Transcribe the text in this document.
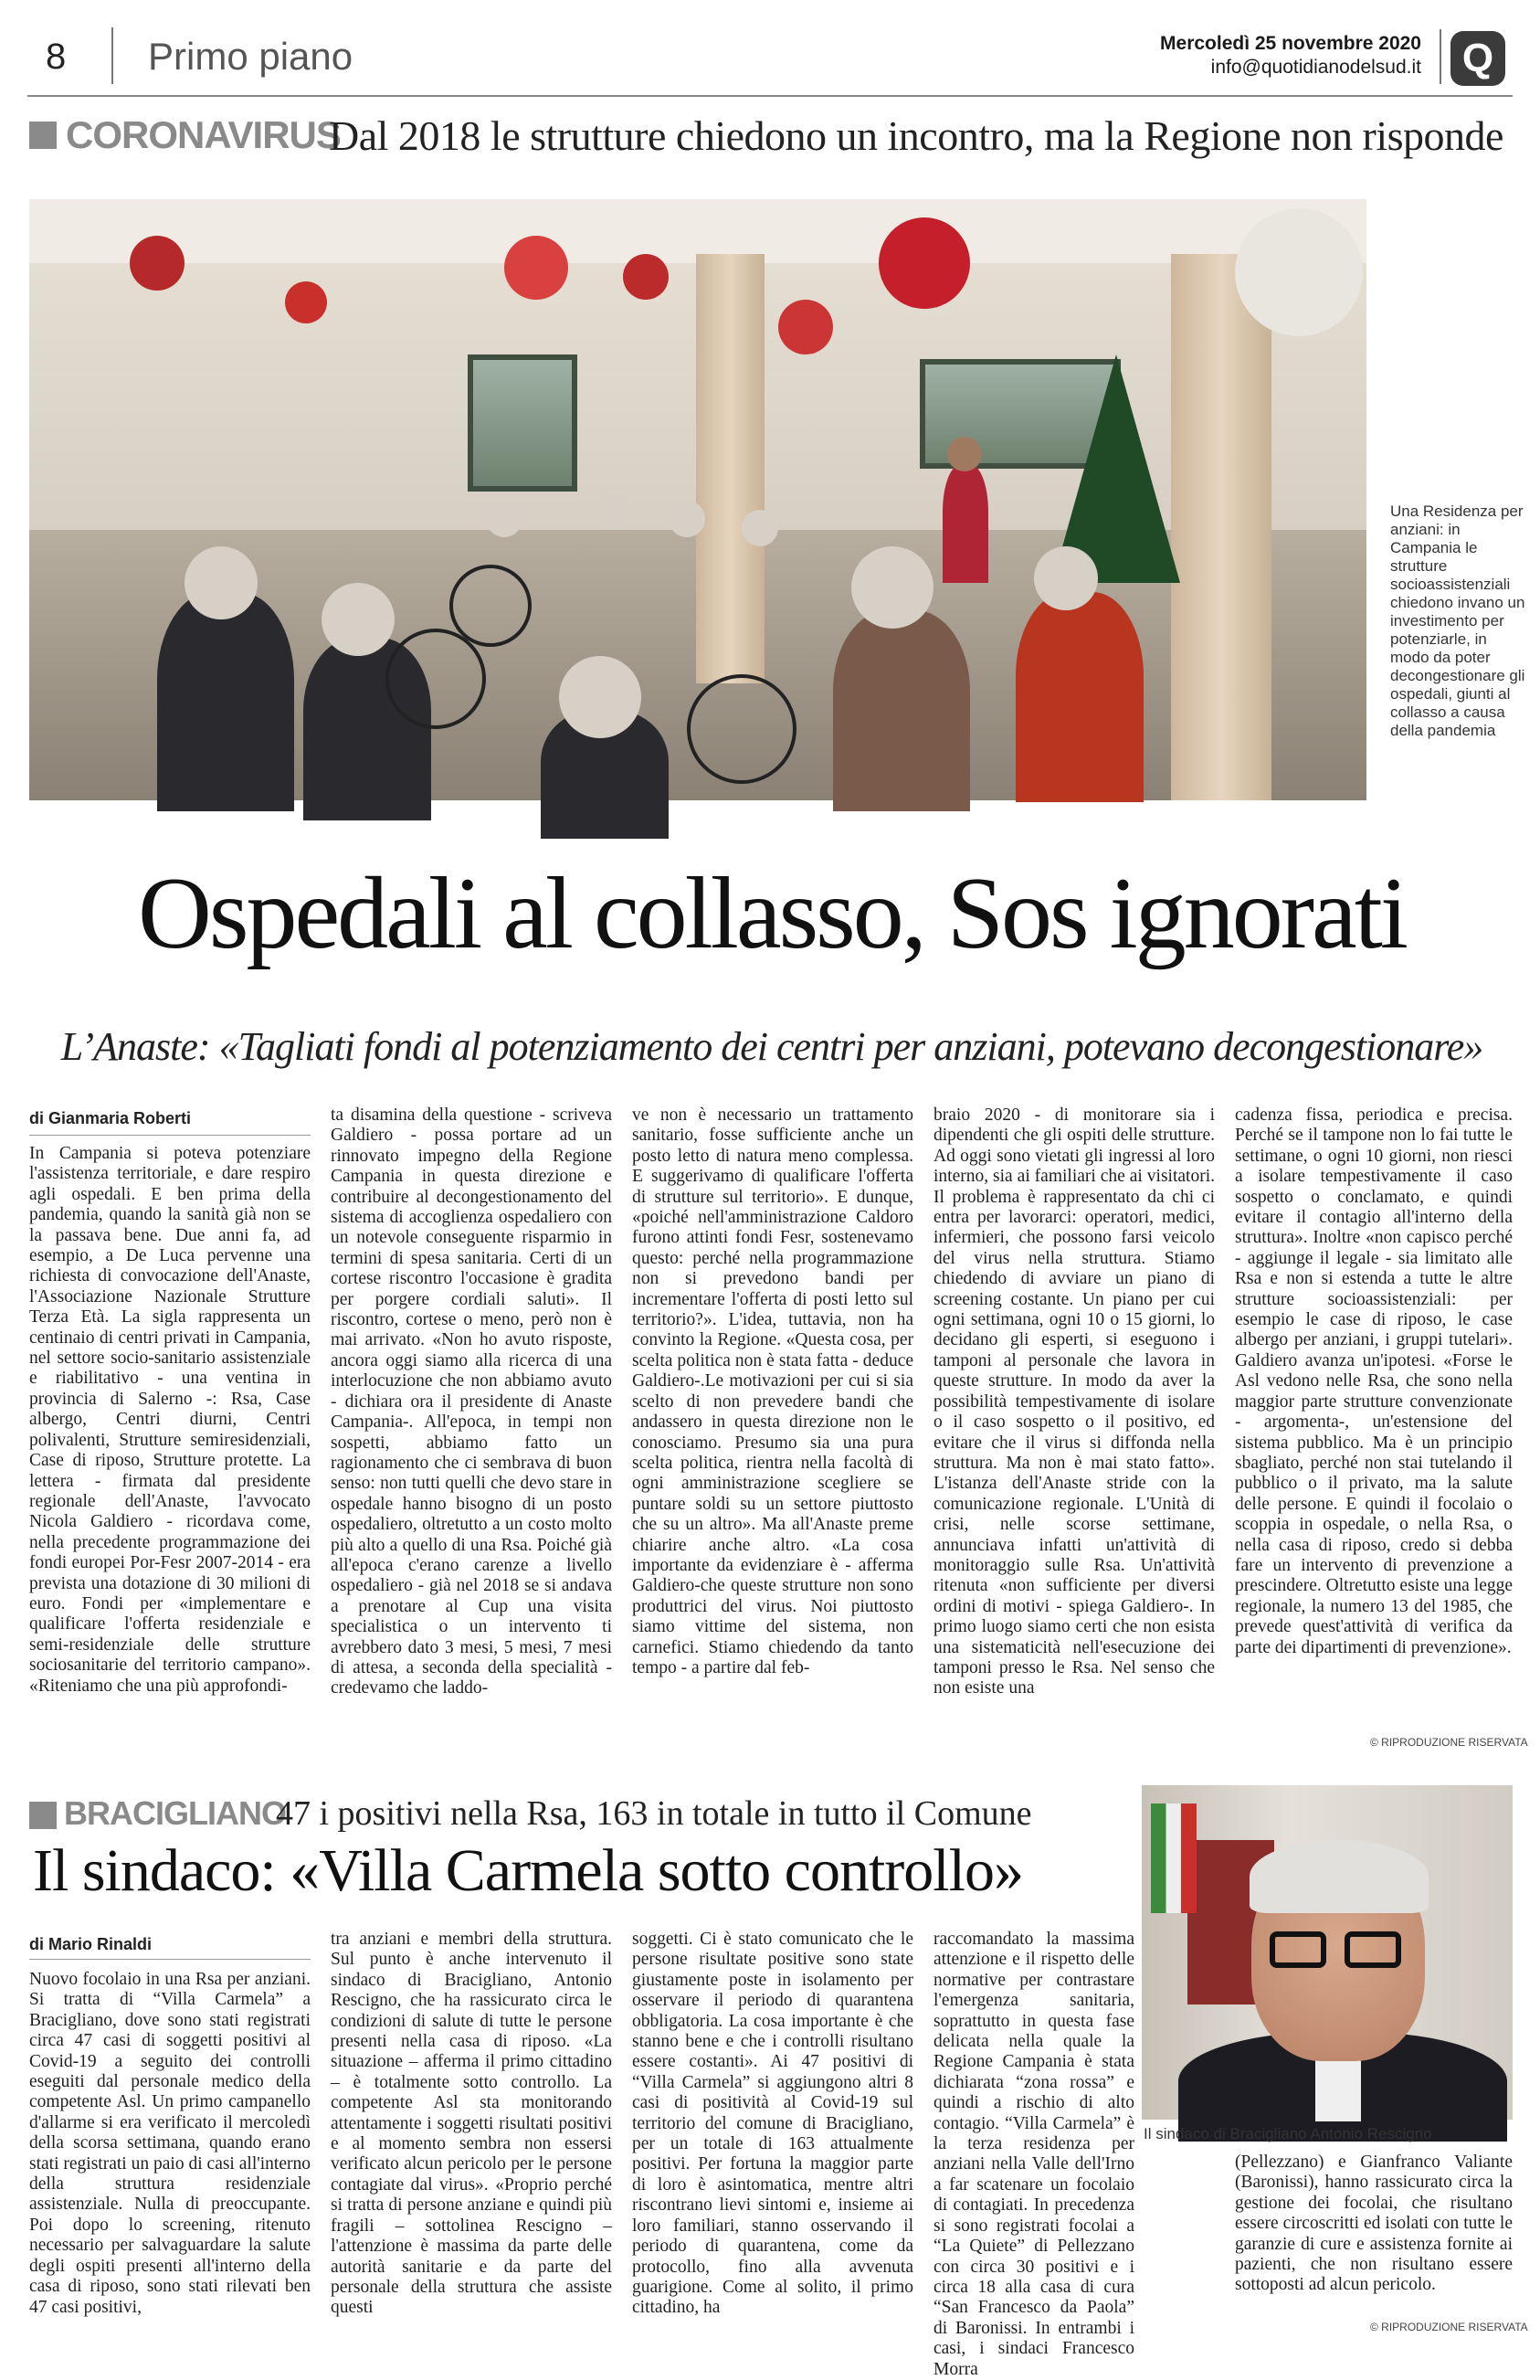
8 Primo piano	Mercoledì 25 novembre 2020
info@quotidianodelsud.it Q
CORONAVIRUS
Dal 2018 le strutture chiedono un incontro, ma la Regione non risponde
Una Residenza per anziani: in Campania le strutture socioassistenziali chiedono invano un investimento per potenziarle, in modo da poter decongestionare gli ospedali, giunti al collasso a causa della pandemia
Ospedali al collasso, Sos ignorati
L’Anaste: «Tagliati fondi al potenziamento dei centri per anziani, potevano decongestionare»
di Gianmaria Roberti
In Campania si poteva potenziare l'assistenza territoriale, e dare respiro agli ospedali. E ben prima della pandemia, quando la sanità già non se la passava bene. Due anni fa, ad esempio, a De Luca pervenne una richiesta di convocazione dell'Anaste, l'Associazione Nazionale Strutture Terza Età. La sigla rappresenta un centinaio di centri privati in Campania, nel settore socio-sanitario assistenziale e riabilitativo - una ventina in provincia di Salerno -: Rsa, Case albergo, Centri diurni, Centri polivalenti, Strutture semiresidenziali, Case di riposo, Strutture protette. La lettera - firmata dal presidente regionale dell'Anaste, l'avvocato Nicola Galdiero - ricordava come, nella precedente programmazione dei fondi europei Por-Fesr 2007-2014 - era prevista una dotazione di 30 milioni di euro. Fondi per «implementare e qualificare l'offerta residenziale e semi-residenziale delle strutture sociosanitarie del territorio campano». «Riteniamo che una più approfondi-
ta disamina della questione - scriveva Galdiero - possa portare ad un rinnovato impegno della Regione Campania in questa direzione e contribuire al decongestionamento del sistema di accoglienza ospedaliero con un notevole conseguente risparmio in termini di spesa sanitaria. Certi di un cortese riscontro l'occasione è gradita per porgere cordiali saluti». Il riscontro, cortese o meno, però non è mai arrivato. «Non ho avuto risposte, ancora oggi siamo alla ricerca di una interlocuzione che non abbiamo avuto - dichiara ora il presidente di Anaste Campania-. All'epoca, in tempi non sospetti, abbiamo fatto un ragionamento che ci sembrava di buon senso: non tutti quelli che devo stare in ospedale hanno bisogno di un posto ospedaliero, oltretutto a un costo molto più alto a quello di una Rsa. Poiché già all'epoca c'erano carenze a livello ospedaliero - già nel 2018 se si andava a prenotare al Cup una visita specialistica o un intervento ti avrebbero dato 3 mesi, 5 mesi, 7 mesi di attesa, a seconda della specialità - credevamo che laddo-
ve non è necessario un trattamento sanitario, fosse sufficiente anche un posto letto di natura meno complessa. E suggerivamo di qualificare l'offerta di strutture sul territorio». E dunque, «poiché nell'amministrazione Caldoro furono attinti fondi Fesr, sostenevamo questo: perché nella programmazione non si prevedono bandi per incrementare l'offerta di posti letto sul territorio?». L'idea, tuttavia, non ha convinto la Regione. «Questa cosa, per scelta politica non è stata fatta - deduce Galdiero-.Le motivazioni per cui si sia scelto di non prevedere bandi che andassero in questa direzione non le conosciamo. Presumo sia una pura scelta politica, rientra nella facoltà di ogni amministrazione scegliere se puntare soldi su un settore piuttosto che su un altro». Ma all'Anaste preme chiarire anche altro. «La cosa importante da evidenziare è - afferma Galdiero-che queste strutture non sono produttrici del virus. Noi piuttosto siamo vittime del sistema, non carnefici. Stiamo chiedendo da tanto tempo - a partire dal feb-
braio 2020 - di monitorare sia i dipendenti che gli ospiti delle strutture. Ad oggi sono vietati gli ingressi al loro interno, sia ai familiari che ai visitatori. Il problema è rappresentato da chi ci entra per lavorarci: operatori, medici, infermieri, che possono farsi veicolo del virus nella struttura. Stiamo chiedendo di avviare un piano di screening costante. Un piano per cui ogni settimana, ogni 10 o 15 giorni, lo decidano gli esperti, si eseguono i tamponi al personale che lavora in queste strutture. In modo da aver la possibilità tempestivamente di isolare o il caso sospetto o il positivo, ed evitare che il virus si diffonda nella struttura. Ma non è mai stato fatto». L'istanza dell'Anaste stride con la comunicazione regionale. L'Unità di crisi, nelle scorse settimane, annunciava infatti un'attività di monitoraggio sulle Rsa. Un'attività ritenuta «non sufficiente per diversi ordini di motivi - spiega Galdiero-. In primo luogo siamo certi che non esista una sistematicità nell'esecuzione dei tamponi presso le Rsa. Nel senso che non esiste una
cadenza fissa, periodica e precisa. Perché se il tampone non lo fai tutte le settimane, o ogni 10 giorni, non riesci a isolare tempestivamente il caso sospetto o conclamato, e quindi evitare il contagio all'interno della struttura». Inoltre «non capisco perché - aggiunge il legale - sia limitato alle Rsa e non si estenda a tutte le altre strutture socioassistenziali: per esempio le case di riposo, le case albergo per anziani, i gruppi tutelari». Galdiero avanza un'ipotesi. «Forse le Asl vedono nelle Rsa, che sono nella maggior parte strutture convenzionate - argomenta-, un'estensione del sistema pubblico. Ma è un principio sbagliato, perché non stai tutelando il pubblico o il privato, ma la salute delle persone. E quindi il focolaio o scoppia in ospedale, o nella Rsa, o nella casa di riposo, credo si debba fare un intervento di prevenzione a prescindere. Oltretutto esiste una legge regionale, la numero 13 del 1985, che prevede quest'attività di verifica da parte dei dipartimenti di prevenzione».
© RIPRODUZIONE RISERVATA
BRACIGLIANO
47 i positivi nella Rsa, 163 in totale in tutto il Comune
Il sindaco: «Villa Carmela sotto controllo»
Il sindaco di Bracigliano Antonio Rescigno
di Mario Rinaldi
Nuovo focolaio in una Rsa per anziani. Si tratta di “Villa Carmela” a Bracigliano, dove sono stati registrati circa 47 casi di soggetti positivi al Covid-19 a seguito dei controlli eseguiti dal personale medico della competente Asl. Un primo campanello d'allarme si era verificato il mercoledì della scorsa settimana, quando erano stati registrati un paio di casi all'interno della struttura residenziale assistenziale. Nulla di preoccupante. Poi dopo lo screening, ritenuto necessario per salvaguardare la salute degli ospiti presenti all'interno della casa di riposo, sono stati rilevati ben 47 casi positivi,
tra anziani e membri della struttura. Sul punto è anche intervenuto il sindaco di Bracigliano, Antonio Rescigno, che ha rassicurato circa le condizioni di salute di tutte le persone presenti nella casa di riposo. «La situazione – afferma il primo cittadino – è totalmente sotto controllo. La competente Asl sta monitorando attentamente i soggetti risultati positivi e al momento sembra non essersi verificato alcun pericolo per le persone contagiate dal virus». «Proprio perché si tratta di persone anziane e quindi più fragili – sottolinea Rescigno – l'attenzione è massima da parte delle autorità sanitarie e da parte del personale della struttura che assiste questi
soggetti. Ci è stato comunicato che le persone risultate positive sono state giustamente poste in isolamento per osservare il periodo di quarantena obbligatoria. La cosa importante è che stanno bene e che i controlli risultano essere costanti». Ai 47 positivi di “Villa Carmela” si aggiungono altri 8 casi di positività al Covid-19 sul territorio del comune di Bracigliano, per un totale di 163 attualmente positivi. Per fortuna la maggior parte di loro è asintomatica, mentre altri riscontrano lievi sintomi e, insieme ai loro familiari, stanno osservando il periodo di quarantena, come da protocollo, fino alla avvenuta guarigione. Come al solito, il primo cittadino, ha
raccomandato la massima attenzione e il rispetto delle normative per contrastare l'emergenza sanitaria, soprattutto in questa fase delicata nella quale la Regione Campania è stata dichiarata “zona rossa” e quindi a rischio di alto contagio. “Villa Carmela” è la terza residenza per anziani nella Valle dell'Irno a far scatenare un focolaio di contagiati. In precedenza si sono registrati focolai a “La Quiete” di Pellezzano con circa 30 positivi e i circa 18 alla casa di cura “San Francesco da Paola” di Baronissi. In entrambi i casi, i sindaci Francesco Morra
(Pellezzano) e Gianfranco Valiante (Baronissi), hanno rassicurato circa la gestione dei focolai, che risultano essere circoscritti ed isolati con tutte le garanzie di cure e assistenza fornite ai pazienti, che non risultano essere sottoposti ad alcun pericolo.
© RIPRODUZIONE RISERVATA
